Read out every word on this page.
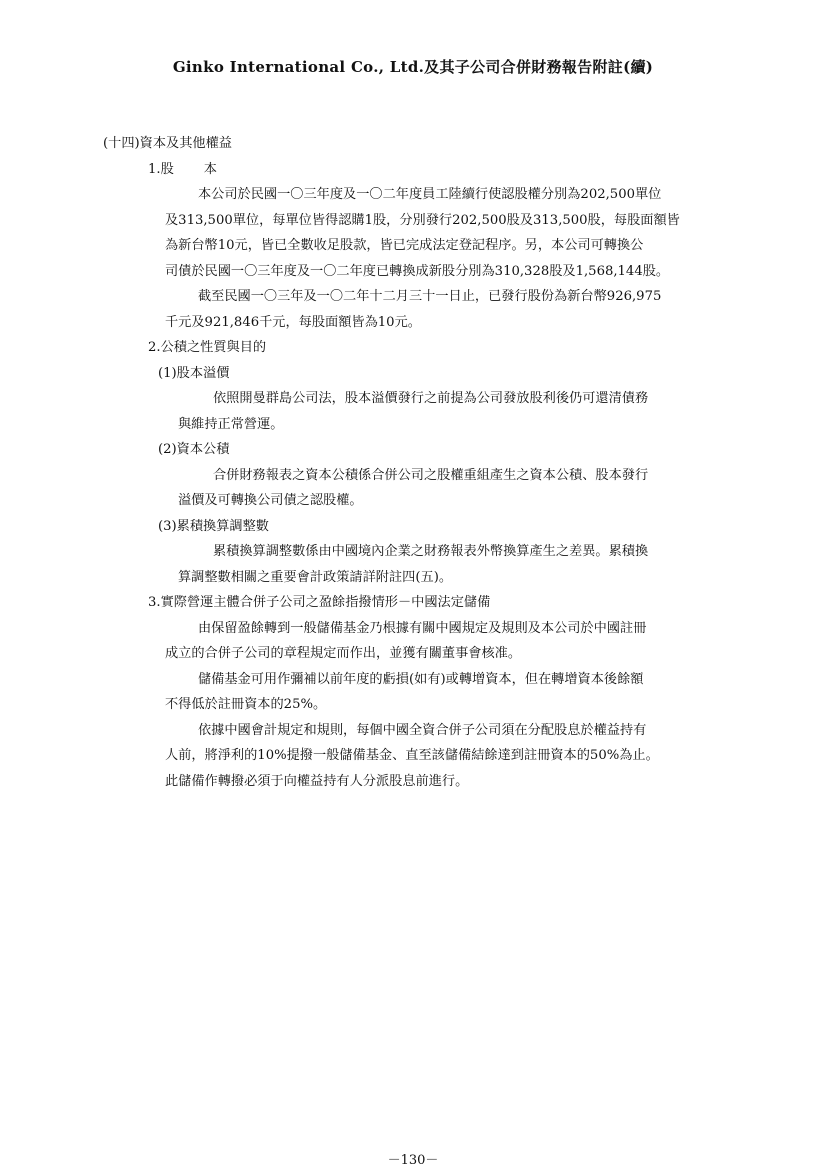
Ginko International Co., Ltd.及其子公司合併財務報告附註(續)
(十四)資本及其他權益
1.股 本
本公司於民國一〇三年度及一〇二年度員工陸續行使認股權分別為202,500單位
及313,500單位，每單位皆得認購1股，分別發行202,500股及313,500股，每股面額皆
為新台幣10元，皆已全數收足股款，皆已完成法定登記程序。另，本公司可轉換公
司債於民國一〇三年度及一〇二年度已轉換成新股分別為310,328股及1,568,144股。
截至民國一〇三年及一〇二年十二月三十一日止，已發行股份為新台幣926,975
千元及921,846千元，每股面額皆為10元。
2.公積之性質與目的
(1)股本溢價
依照開曼群島公司法，股本溢價發行之前提為公司發放股利後仍可還清債務
與維持正常營運。
(2)資本公積
合併財務報表之資本公積係合併公司之股權重組產生之資本公積、股本發行
溢價及可轉換公司債之認股權。
(3)累積換算調整數
累積換算調整數係由中國境內企業之財務報表外幣換算產生之差異。累積換
算調整數相關之重要會計政策請詳附註四(五)。
3.實際營運主體合併子公司之盈餘指撥情形－中國法定儲備
由保留盈餘轉到一般儲備基金乃根據有關中國規定及規則及本公司於中國註冊
成立的合併子公司的章程規定而作出，並獲有關董事會核准。
儲備基金可用作彌補以前年度的虧損(如有)或轉增資本，但在轉增資本後餘額
不得低於註冊資本的25%。
依據中國會計規定和規則，每個中國全資合併子公司須在分配股息於權益持有
人前，將淨利的10%提撥一般儲備基金、直至該儲備結餘達到註冊資本的50%為止。
此儲備作轉撥必須于向權益持有人分派股息前進行。
－130－
